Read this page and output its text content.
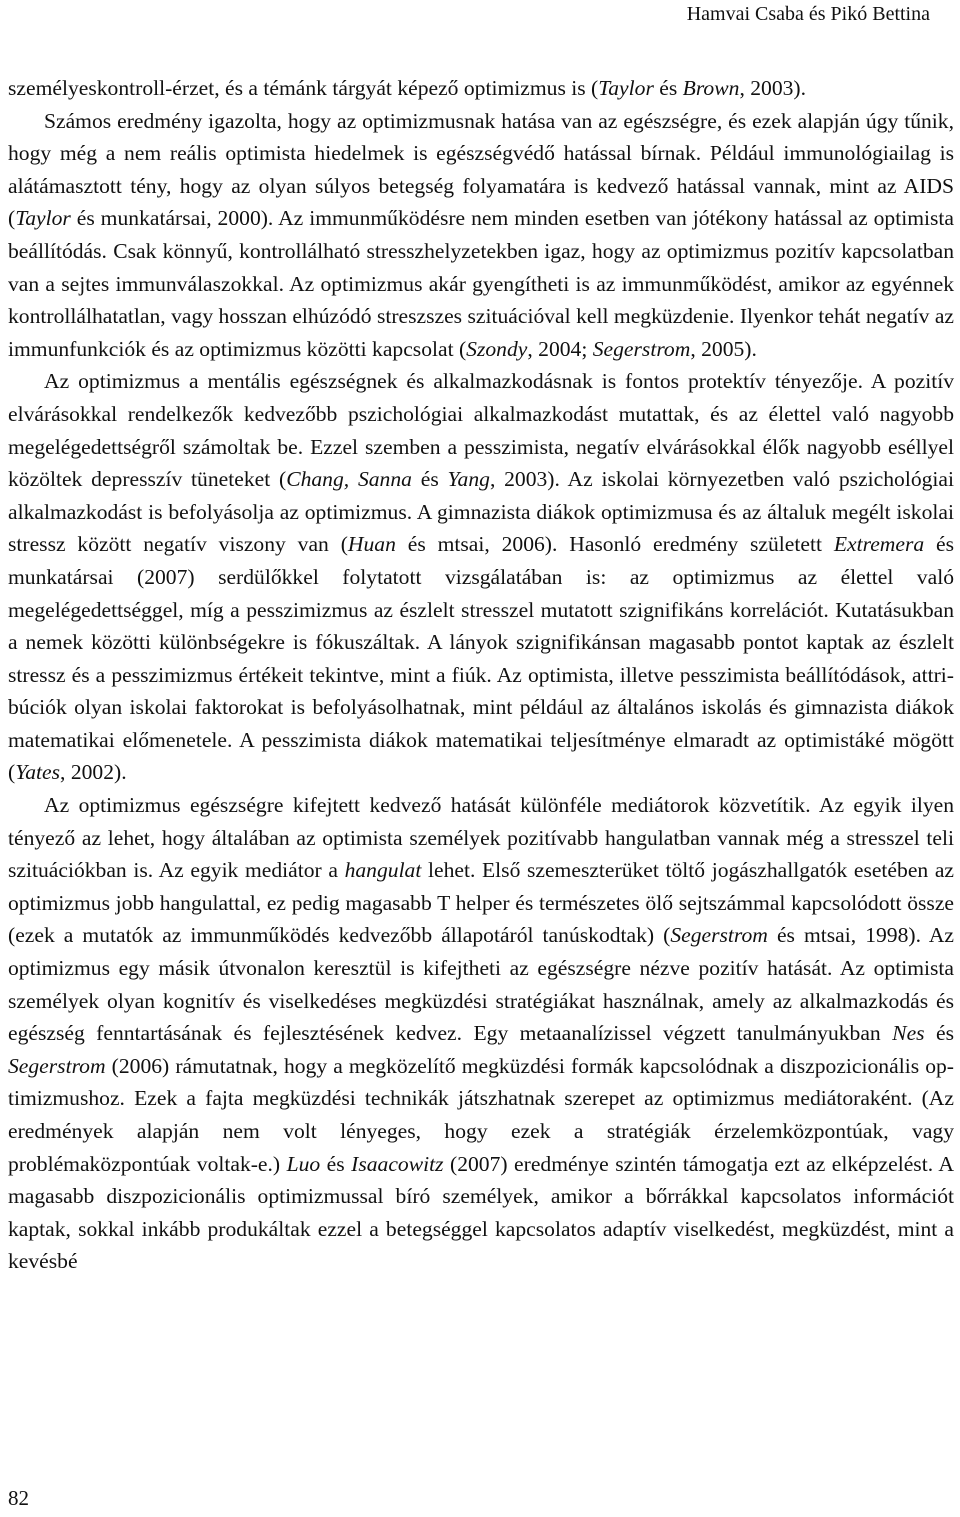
Hamvai Csaba és Pikó Bettina

személyeskontroll-érzet, és a témánk tárgyát képező optimizmus is (Taylor és Brown, 2003).

Számos eredmény igazolta, hogy az optimizmusnak hatása van az egészségre, és ezek alapján úgy tűnik, hogy még a nem reális optimista hiedelmek is egészségvédő hatással bírnak. Például immunológiailag is alátámasztott tény, hogy az olyan súlyos betegség folyamatára is kedvező hatással vannak, mint az AIDS (Taylor és munkatársai, 2000). Az immunműködésre nem minden esetben van jótékony hatással az optimista beállítódás. Csak könnyű, kontrollálható stresszhelyzetekben igaz, hogy az optimizmus pozitív kapcsolatban van a sejtes immunválaszokkal. Az optimizmus akár gyengítheti is az immunműködést, amikor az egyénnek kontrollálhatatlan, vagy hosszan elhúzódó streszszes szituációval kell megküzdenie. Ilyenkor tehát negatív az immunfunkciók és az optimizmus közötti kapcsolat (Szondy, 2004; Segerstrom, 2005).

Az optimizmus a mentális egészségnek és alkalmazkodásnak is fontos protektív tényezője. A pozitív elvárásokkal rendelkezők kedvezőbb pszichológiai alkalmazkodást mutattak, és az élettel való nagyobb megelégedettségről számoltak be. Ezzel szemben a pesszimista, negatív elvárásokkal élők nagyobb eséllyel közöltek depresszív tüneteket (Chang, Sanna és Yang, 2003). Az iskolai környezetben való pszichológiai alkalmazkodást is befolyásolja az optimizmus. A gimnazista diákok optimizmusa és az általuk megélt iskolai stressz között negatív viszony van (Huan és mtsai, 2006). Hasonló eredmény született Extremera és munkatársai (2007) serdülőkkel folytatott vizsgálatában is: az optimizmus az élettel való megelégedettséggel, míg a pesszimizmus az észlelt stresszel mutatott szignifikáns korrelációt. Kutatásukban a nemek közötti különbségekre is fókuszáltak. A lányok szignifikánsan magasabb pontot kaptak az észlelt stressz és a pesszimizmus értékeit tekintve, mint a fiúk. Az optimista, illetve pesszimista beállítódások, attribúciók olyan iskolai faktorokat is befolyásolhatnak, mint például az általános iskolás és gimnazista diákok matematikai előmenetele. A pesszimista diákok matematikai teljesítménye elmaradt az optimistáké mögött (Yates, 2002).

Az optimizmus egészségre kifejtett kedvező hatását különféle mediátorok közvetítik. Az egyik ilyen tényező az lehet, hogy általában az optimista személyek pozitívabb hangulatban vannak még a stresszel teli szituációkban is. Az egyik mediátor a hangulat lehet. Első szemeszterüket töltő jogászhallgatók esetében az optimizmus jobb hangulattal, ez pedig magasabb T helper és természetes ölő sejtszámmal kapcsolódott össze (ezek a mutatók az immunműködés kedvezőbb állapotáról tanúskodtak) (Segerstrom és mtsai, 1998). Az optimizmus egy másik útvonalon keresztül is kifejtheti az egészségre nézve pozitív hatását. Az optimista személyek olyan kognitív és viselkedéses megküzdési stratégiákat használnak, amely az alkalmazkodás és egészség fenntartásának és fejlesztésének kedvez. Egy metaanalízissel végzett tanulmányukban Nes és Segerstrom (2006) rámutatnak, hogy a megközelítő megküzdési formák kapcsolódnak a diszpozicionális optimizmushoz. Ezek a fajta megküzdési technikák játszhatnak szerepet az optimizmus mediátoraként. (Az eredmények alapján nem volt lényeges, hogy ezek a stratégiák érzelemközpontúak, vagy problémaközpontúak voltak-e.) Luo és Isaacowitz (2007) eredménye szintén támogatja ezt az elképzelést. A magasabb diszpozicionális optimizmussal bíró személyek, amikor a bőrrákkal kapcsolatos információt kaptak, sokkal inkább produkáltak ezzel a betegséggel kapcsolatos adaptív viselkedést, megküzdést, mint a kevésbé

82
